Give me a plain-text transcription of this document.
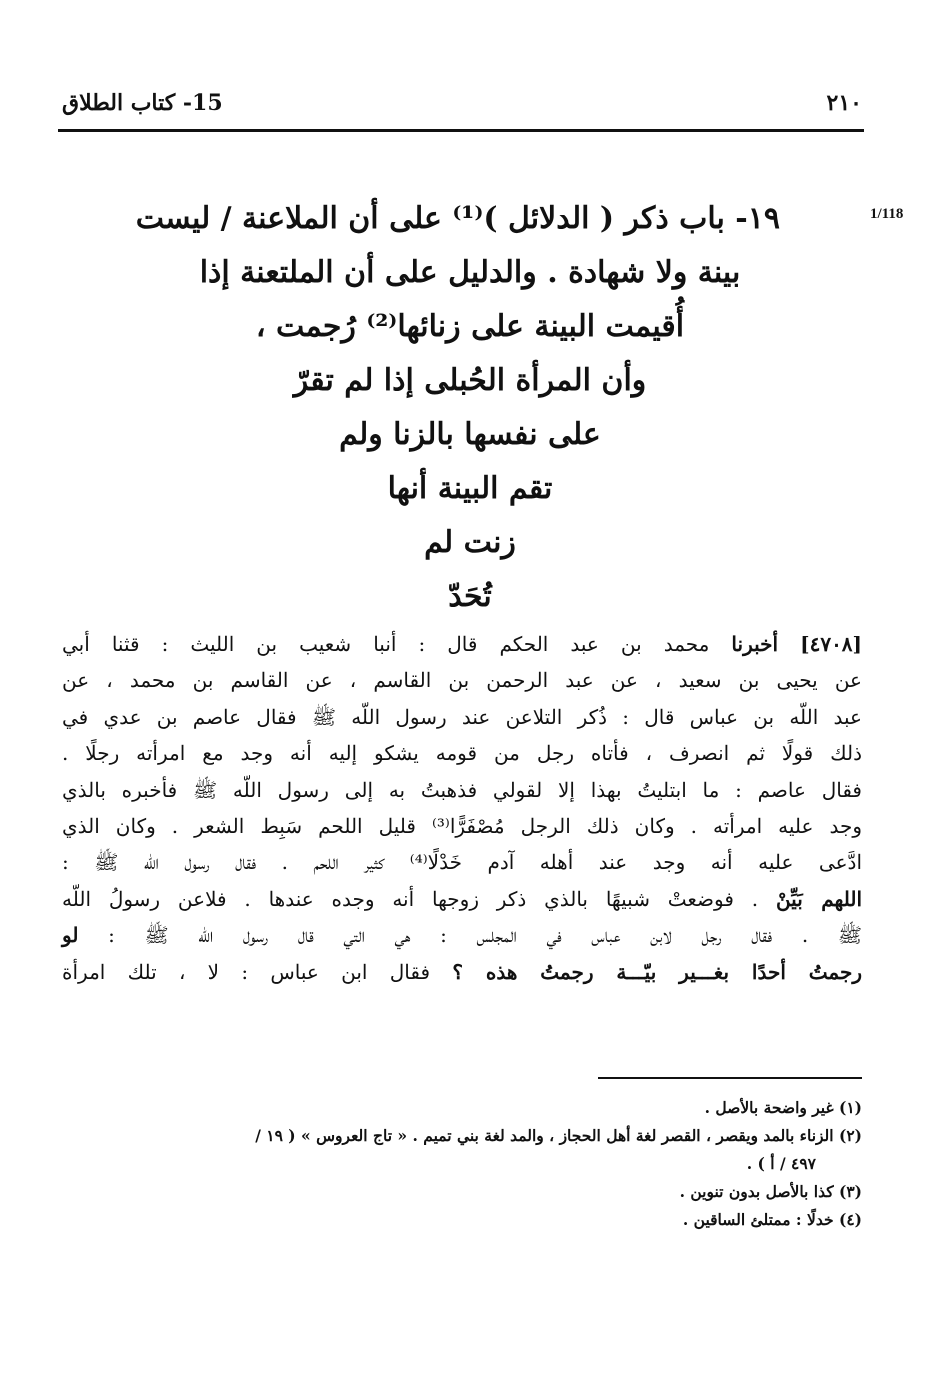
٢١٠
15- كتاب الطلاق
1/118
١٩- باب ذكر ( الدلائل )⁽¹⁾ على أن الملاعنة / ليست
بينة ولا شهادة . والدليل على أن الملتعنة إذا
أُقيمت البينة على زنائها⁽²⁾ رُجمت ،
وأن المرأة الحُبلى إذا لم تقرّ
على نفسها بالزنا ولم
تقم البينة أنها
زنت لم
تُحَدّ
[٤٧٠٨] أخبرنا محمد بن عبد الحكم قال : أنبا شعيب بن الليث : قثنا أبي
عن يحيى بن سعيد ، عن عبد الرحمن بن القاسم ، عن القاسم بن محمد ، عن
عبد اللّه بن عباس قال : ذُكر التلاعن عند رسول اللّه ﷺ فقال عاصم بن عدي في
ذلك قولًا ثم انصرف ، فأتاه رجل من قومه يشكو إليه أنه وجد مع امرأته رجلًا .
فقال عاصم : ما ابتليتُ بهذا إلا لقولي فذهبتُ به إلى رسول اللّه ﷺ فأخبره بالذي
وجد عليه امرأته . وكان ذلك الرجل مُصْفَرًّا⁽³⁾ قليل اللحم سَبِط الشعر . وكان الذي
ادَّعى عليه أنه وجد عند أهله آدم خَدْلًا⁽⁴⁾ كثير اللحم . فقال رسول اللّه ﷺ :
اللهم بَيِّنْ . فوضعتْ شبيهًا بالذي ذكر زوجها أنه وجده عندها . فلاعن رسولُ اللّه
ﷺ . فقال رجل لابن عباس في المجلس : هي التي قال رسول اللّه ﷺ : لو
رجمتُ أحدًا بغـــير بيّـــة رجمتُ هذه ؟ فقال ابن عباس : لا ، تلك امرأة
(١) غير واضحة بالأصل .
(٢) الزناء بالمد ويقصر ، القصر لغة أهل الحجاز ، والمد لغة بني تميم . « تاج العروس » ( ١٩ /
٤٩٧ / أ ) .
(٣) كذا بالأصل بدون تنوين .
(٤) خدلًا : ممتلئ الساقين .
